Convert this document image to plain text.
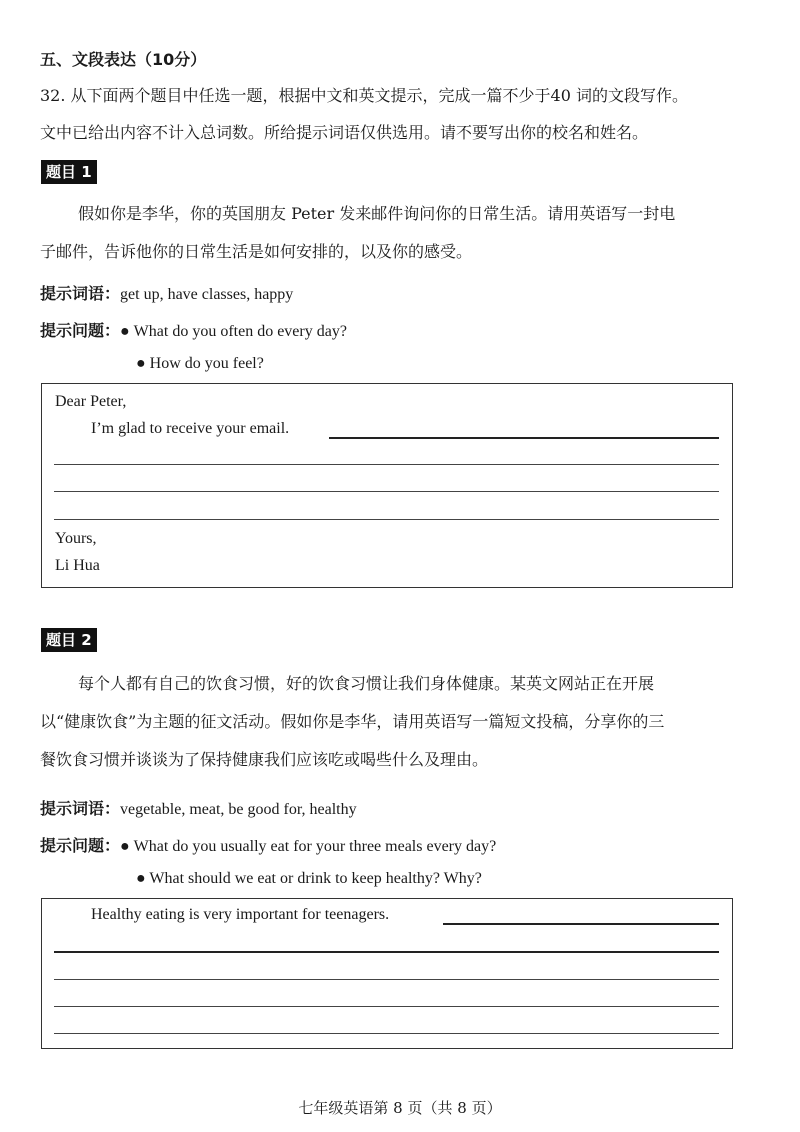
五、文段表达（10分）
32. 从下面两个题目中任选一题，根据中文和英文提示，完成一篇不少于40 词的文段写作。
文中已给出内容不计入总词数。所给提示词语仅供选用。请不要写出你的校名和姓名。
题目 1
假如你是李华，你的英国朋友 Peter 发来邮件询问你的日常生活。请用英语写一封电
子邮件，告诉他你的日常生活是如何安排的，以及你的感受。
提示词语：get up, have classes, happy
提示问题：● What do you often do every day?
● How do you feel?
Dear Peter,
I’m glad to receive your email.
Yours,
Li Hua
题目 2
每个人都有自己的饮食习惯，好的饮食习惯让我们身体健康。某英文网站正在开展
以“健康饮食”为主题的征文活动。假如你是李华，请用英语写一篇短文投稿，分享你的三
餐饮食习惯并谈谈为了保持健康我们应该吃或喝些什么及理由。
提示词语：vegetable, meat, be good for, healthy
提示问题：● What do you usually eat for your three meals every day?
● What should we eat or drink to keep healthy? Why?
Healthy eating is very important for teenagers.
七年级英语第 8 页（共 8 页）
